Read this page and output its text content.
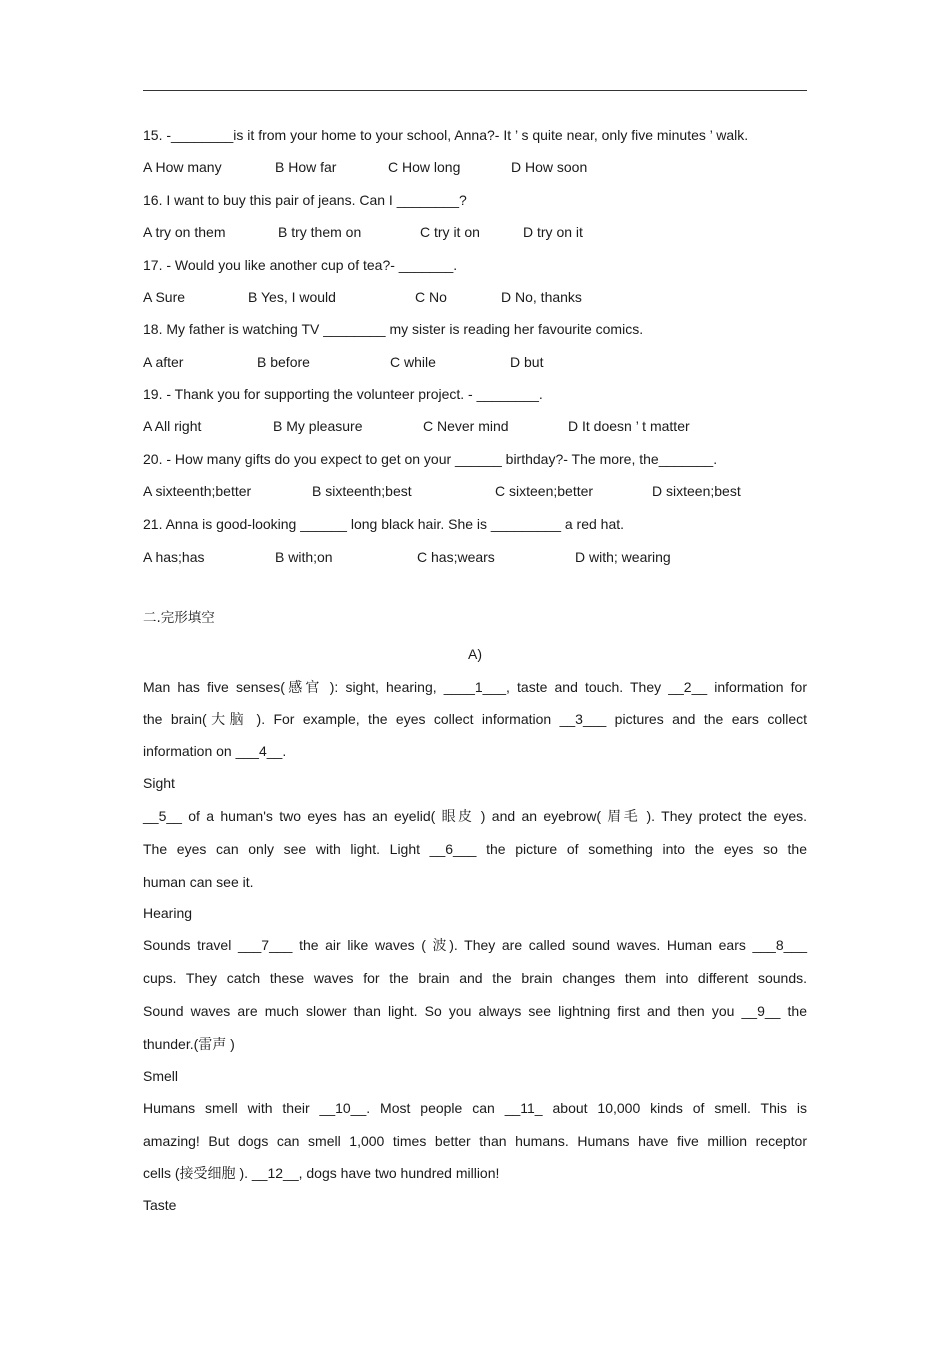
15. -________is it from your home to your school, Anna?- It ’ s quite near, only five minutes ’ walk.
A How many	B How far	C How long	D How soon
16. I want to buy this pair of jeans. Can I ________?
A try on them	B try them on	C try it on	D try on it
17. - Would you like another cup of tea?- _______.
A Sure	B Yes, I would	C No	D No, thanks
18. My father is watching TV ________ my sister is reading her favourite comics.
A after	B before	C while	D but
19. - Thank you for supporting the volunteer project. - ________.
A All right	B My pleasure	C Never mind	D It doesn ’ t matter
20. - How many gifts do you expect to get on your ______ birthday?- The more, the_______.
A sixteenth;better	B sixteenth;best	C sixteen;better	D sixteen;best
21. Anna is good-looking ______ long black hair. She is _________ a red hat.
A has;has	B with;on	C has;wears	D with; wearing
二.完形填空
A)
Man has five senses(感官 ): sight, hearing, ____1___, taste and touch. They __2__ information for
the brain(大脑 ). For example, the eyes collect information __3___ pictures and the ears collect
information on ___4__.
Sight
__5__ of a human's two eyes has an eyelid( 眼皮 ) and an eyebrow( 眉毛 ). They protect the eyes.
The eyes can only see with light. Light __6___ the picture of something into the eyes so the
human can see it.
Hearing
Sounds travel ___7___ the air like waves ( 波). They are called sound waves. Human ears ___8___
cups. They catch these waves for the brain and the brain changes them into different sounds.
Sound waves are much slower than light. So you always see lightning first and then you __9__ the
thunder.(雷声 )
Smell
Humans smell with their __10__. Most people can __11_ about 10,000 kinds of smell. This is
amazing! But dogs can smell 1,000 times better than humans. Humans have five million receptor
cells (接受细胞 ). __12__, dogs have two hundred million!
Taste
